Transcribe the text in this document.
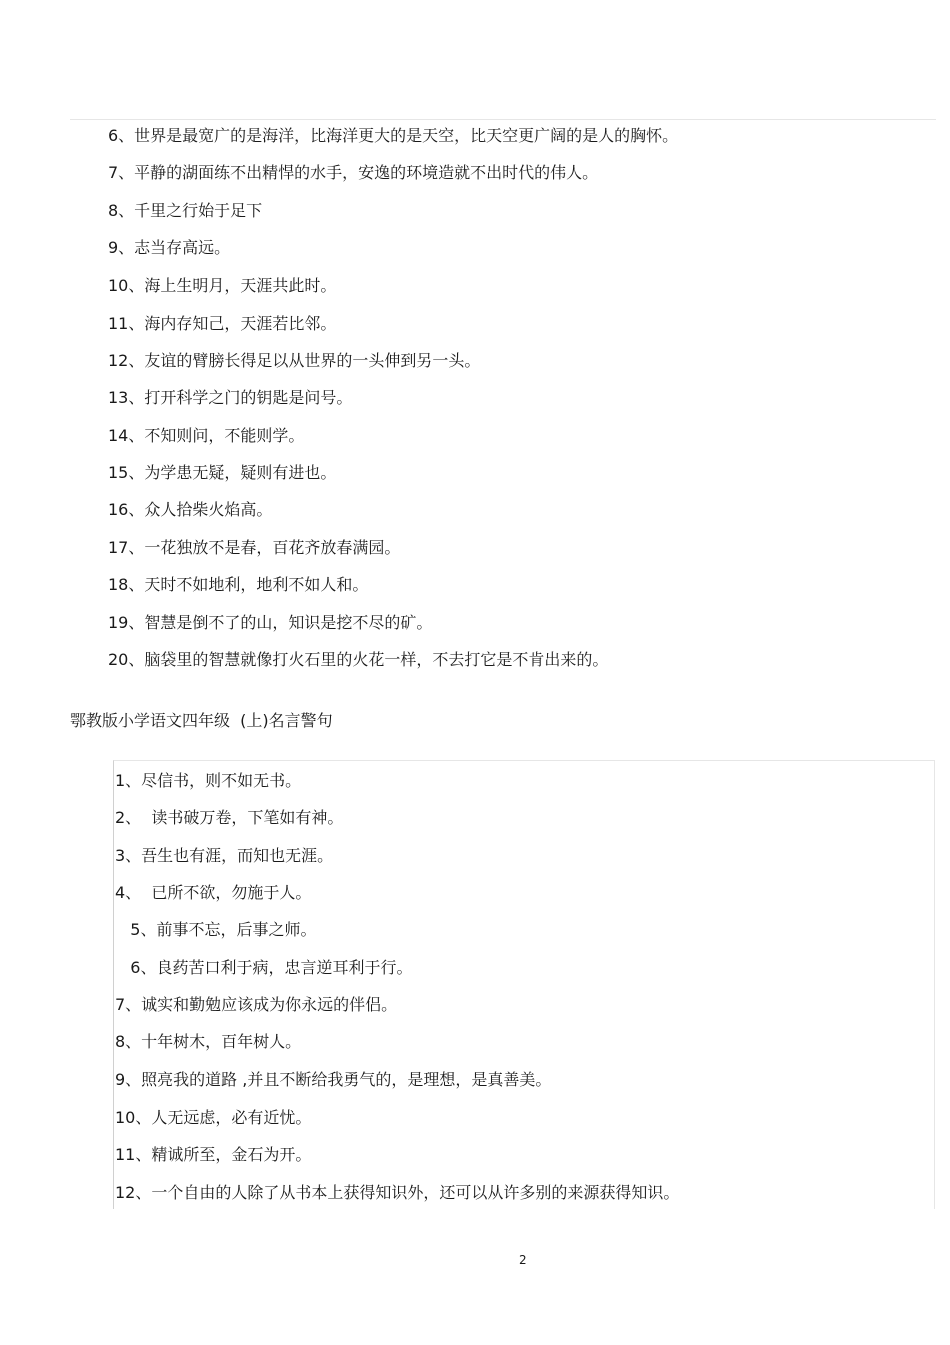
6、世界是最宽广的是海洋，比海洋更大的是天空，比天空更广阔的是人的胸怀。
7、平静的湖面练不出精悍的水手，安逸的环境造就不出时代的伟人。
8、千里之行始于足下
9、志当存高远。
10、海上生明月，天涯共此时。
11、海内存知己，天涯若比邻。
12、友谊的臂膀长得足以从世界的一头伸到另一头。
13、打开科学之门的钥匙是问号。
14、不知则问，不能则学。
15、为学患无疑，疑则有进也。
16、众人拾柴火焰高。
17、一花独放不是春，百花齐放春满园。
18、天时不如地利，地利不如人和。
19、智慧是倒不了的山，知识是挖不尽的矿。
20、脑袋里的智慧就像打火石里的火花一样，不去打它是不肯出来的。
鄂教版小学语文四年级  (上)名言警句
1、尽信书，则不如无书。
2、  读书破万卷，下笔如有神。
3、吾生也有涯，而知也无涯。
4、  已所不欲，勿施于人。
5、前事不忘，后事之师。
6、良药苦口利于病，忠言逆耳利于行。
7、诚实和勤勉应该成为你永远的伴侣。
8、十年树木，百年树人。
9、照亮我的道路 ,并且不断给我勇气的，是理想，是真善美。
10、人无远虑，必有近忧。
11、精诚所至，金石为开。
12、一个自由的人除了从书本上获得知识外，还可以从许多别的来源获得知识。
2
